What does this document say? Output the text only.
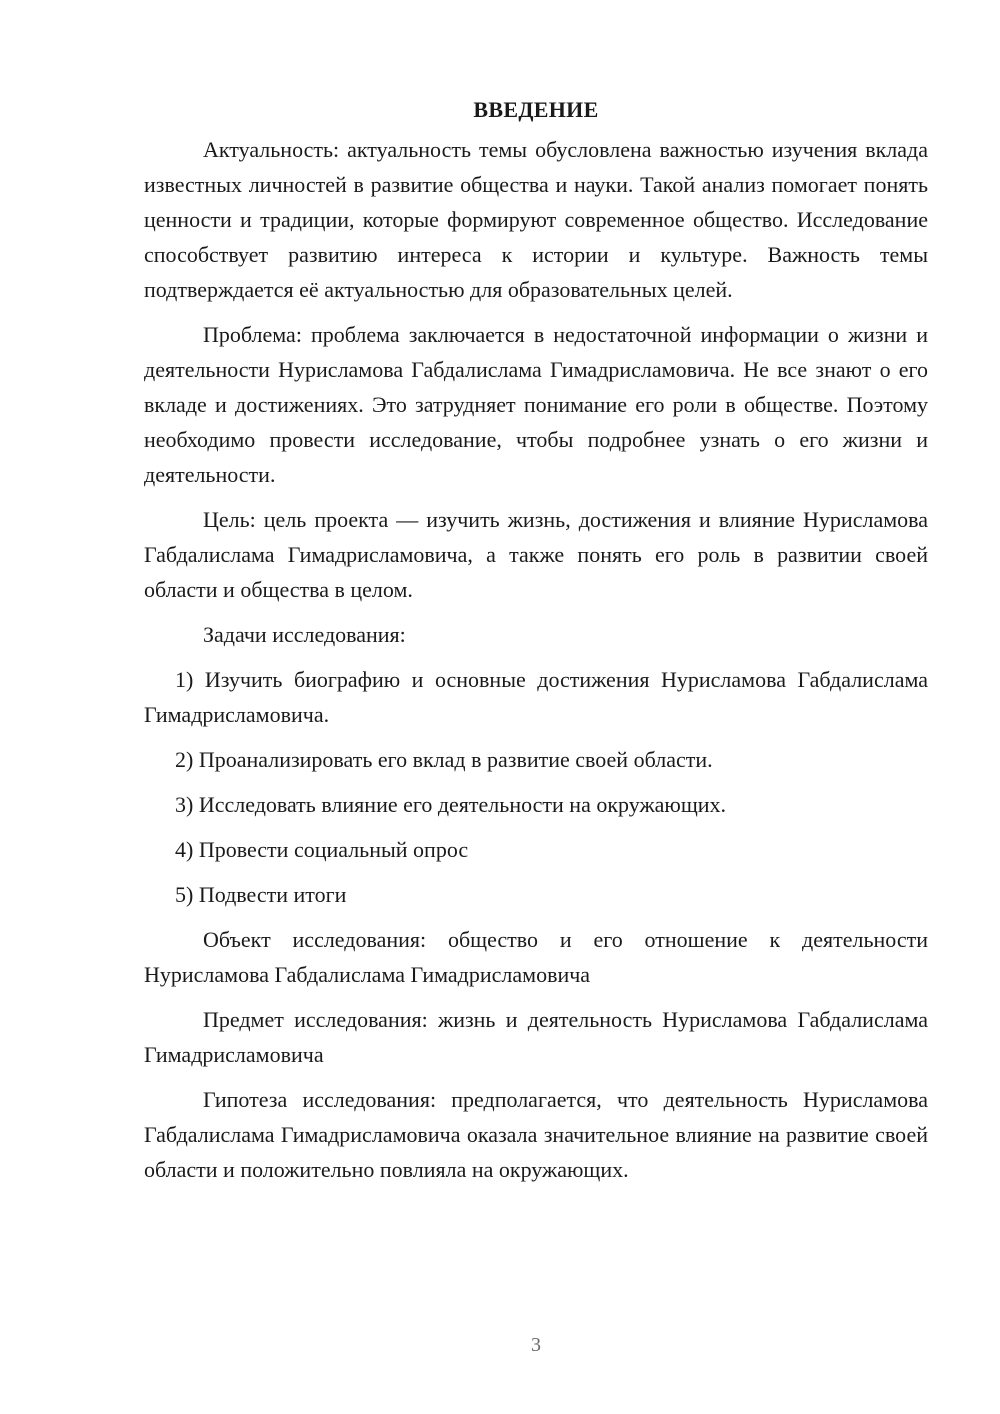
ВВЕДЕНИЕ

Актуальность: актуальность темы обусловлена важностью изучения вклада известных личностей в развитие общества и науки. Такой анализ помогает понять ценности и традиции, которые формируют современное общество. Исследование способствует развитию интереса к истории и культуре. Важность темы подтверждается её актуальностью для образовательных целей.

Проблема: проблема заключается в недостаточной информации о жизни и деятельности Нурисламова Габдалислама Гимадрисламовича. Не все знают о его вкладе и достижениях. Это затрудняет понимание его роли в обществе. Поэтому необходимо провести исследование, чтобы подробнее узнать о его жизни и деятельности.

Цель: цель проекта — изучить жизнь, достижения и влияние Нурисламова Габдалислама Гимадрисламовича, а также понять его роль в развитии своей области и общества в целом.

Задачи исследования:

1) Изучить биографию и основные достижения Нурисламова Габдалислама Гимадрисламовича.

2) Проанализировать его вклад в развитие своей области.

3) Исследовать влияние его деятельности на окружающих.

4) Провести социальный опрос

5) Подвести итоги

Объект исследования: общество и его отношение к деятельности Нурисламова Габдалислама Гимадрисламовича

Предмет исследования: жизнь и деятельность Нурисламова Габдалислама Гимадрисламовича

Гипотеза исследования: предполагается, что деятельность Нурисламова Габдалислама Гимадрисламовича оказала значительное влияние на развитие своей области и положительно повлияла на окружающих.

3
